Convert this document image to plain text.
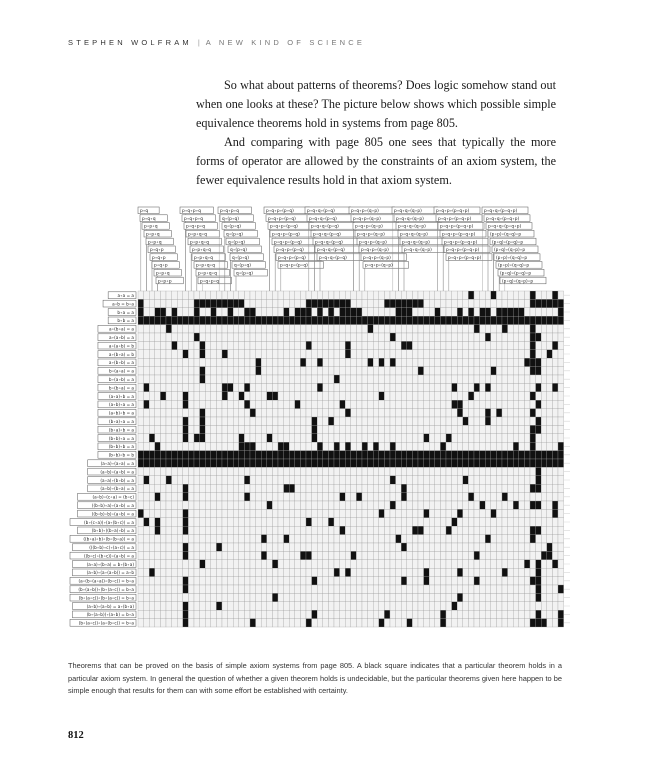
STEPHEN WOLFRAM | A NEW KIND OF SCIENCE

So what about patterns of theorems? Does logic somehow stand out when one looks at these? The picture below shows which possible simple equivalence theorems hold in systems from page 805.

And comparing with page 805 one sees that typically the more forms of operator are allowed by the constraints of an axiom system, the fewer equivalence results hold in that axiom system.

p∘q
p∘q∘q
p∘p∘q
p∘p∘q
p∘p∘q
p∘q∘p
p∘q∘p
p∘q∘p
p∘p∘q
p∘p∘p
p∘q∘p∘q
p∘q∘p∘q
p∘q∘p∘q
p∘p∘q∘q
p∘p∘q∘q
p∘p∘q∘q
p∘p∘q∘q
p∘p∘q∘q
p∘p∘q∘q
p∘q∘p∘q
p∘q∘p∘q
q∘(p∘q)
q∘(p∘q)
q∘(p∘q)
q∘(p∘q)
q∘(p∘q)
q∘(p∘q)
q∘(p∘q)
q∘(p∘q)
p∘q∘p∘(p∘q)
p∘q∘p∘(p∘q)
p∘q∘p∘(p∘q)
p∘q∘p∘(p∘q)
p∘q∘p∘(p∘q)
p∘q∘p∘(p∘q)
p∘q∘p∘(p∘q)
p∘q∘p∘(p∘q)
p∘q∘q∘(p∘q)
p∘q∘q∘(p∘q)
p∘q∘q∘(p∘q)
p∘q∘q∘(p∘q)
p∘q∘q∘(p∘q)
p∘q∘q∘(p∘q)
p∘q∘q∘(p∘q)
p∘q∘p∘(q∘p)
p∘q∘p∘(q∘p)
p∘q∘p∘(q∘p)
p∘q∘p∘(q∘p)
p∘q∘p∘(q∘p)
p∘q∘p∘(q∘p)
p∘q∘p∘(q∘p)
p∘q∘p∘(q∘p)
p∘q∘q∘(q∘p)
p∘q∘q∘(q∘p)
p∘q∘q∘(q∘p)
p∘q∘q∘(q∘p)
p∘q∘q∘(q∘p)
p∘q∘q∘(q∘p)
p∘q∘p∘(p∘q∘p)
p∘q∘p∘(p∘q∘p)
p∘q∘p∘(p∘q∘p)
p∘q∘p∘(p∘q∘p)
p∘q∘p∘(p∘q∘p)
p∘q∘p∘(p∘q∘p)
p∘q∘p∘(p∘q∘p)
p∘q∘q∘(p∘q∘p)
p∘q∘q∘(p∘q∘p)
p∘q∘q∘(p∘q∘p)
(p∘p)∘(q∘q)∘p
(p∘q)∘(p∘q)∘p
(p∘q)∘(q∘p)∘p
(p∘p)∘(q∘q)∘p
(p∘p)∘(q∘q)∘p
(p∘q)∘(p∘q)∘p
(p∘q)∘(q∘p)∘p
a∘a = a
a∘b = b∘a
b∘a = a
b∘b = a
a∘(b∘a) = a
a∘(a∘b) = a
a∘(a∘b) = b
a∘(b∘a) = b
a∘(b∘b) = a
b∘(a∘a) = a
b∘(a∘b) = a
b∘(b∘a) = a
(a∘a)∘b = a
(a∘b)∘a = a
(a∘b)∘b = a
(b∘a)∘a = a
(b∘a)∘b = a
(b∘b)∘a = a
(b∘b)∘b = a
(b∘b)∘b = b
(a∘a)∘(a∘a) = a
(a∘b)∘(a∘b) = a
(a∘a)∘(b∘b) = a
(a∘b)∘(b∘a) = a
(a∘b)∘(c∘a) = (b∘c)
((b∘b)∘a)∘(a∘b) = a
((b∘b)∘b)∘(a∘b) = a
(b∘(c∘a))∘(a∘(b∘c)) = a
(b∘b)∘((b∘a)∘b) = a
((b∘a)∘b)∘(b∘(b∘a)) = a
(((b∘b)∘c)∘(a∘c)) = a
((b∘c)∘(b∘c))∘(a∘b) = a
(a∘a)∘(b∘a) = b∘(b∘a)
(a∘b)∘(a∘(a∘b)) = a∘b
(a∘(b∘(a∘a))∘(b∘c)) = b∘a
(b∘(a∘b))∘(b∘(a∘c)) = b∘a
(b∘(a∘c))∘(b∘(a∘c)) = b∘a
(a∘b)∘(a∘b) = a∘(b∘a)
(b∘(a∘b))∘(a∘b) = b∘a
(b∘(a∘c))∘(a∘(b∘c)) = b∘a
Theorems that can be proved on the basis of simple axiom systems from page 805. A black square indicates that a particular theorem holds in a particular axiom system. In general the question of whether a given theorem holds is undecidable, but the particular theorems given here happen to be simple enough that results for them can with some effort be established with certainty.
812
